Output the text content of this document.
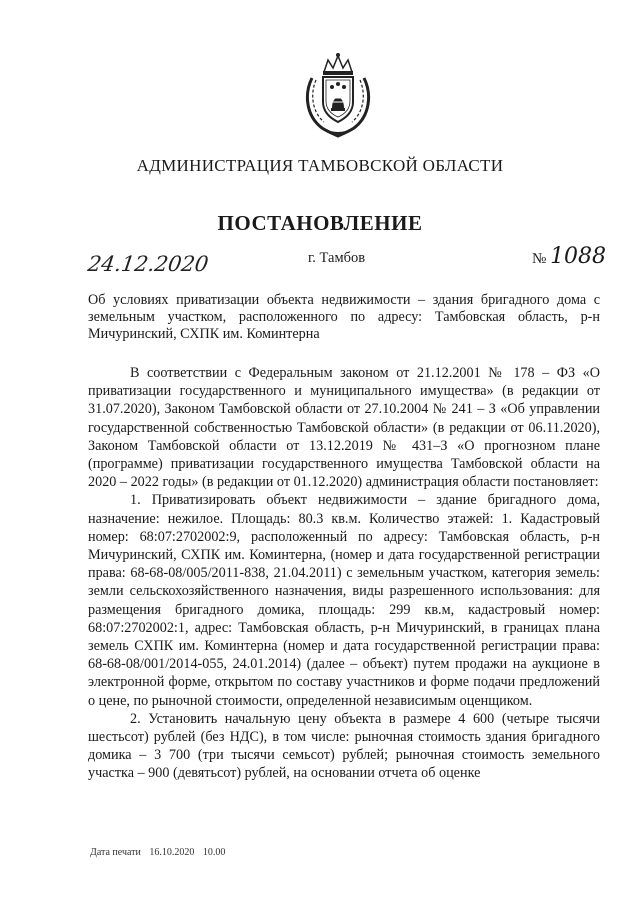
АДМИНИСТРАЦИЯ ТАМБОВСКОЙ ОБЛАСТИ
ПОСТАНОВЛЕНИЕ
24.12.2020	г. Тамбов	№ 1088
Об условиях приватизации объекта недвижимости – здания бригадного дома с земельным участком, расположенного по адресу: Тамбовская область, р-н Мичуринский, СХПК им. Коминтерна

В соответствии с Федеральным законом от 21.12.2001 № 178 – ФЗ «О приватизации государственного и муниципального имущества» (в редакции от 31.07.2020), Законом Тамбовской области от 27.10.2004 № 241 – З «Об управлении государственной собственностью Тамбовской области» (в редакции от 06.11.2020), Законом Тамбовской области от 13.12.2019 № 431–З «О прогнозном плане (программе) приватизации государственного имущества Тамбовской области на 2020 – 2022 годы» (в редакции от 01.12.2020) администрация области постановляет:

1. Приватизировать объект недвижимости – здание бригадного дома, назначение: нежилое. Площадь: 80.3 кв.м. Количество этажей: 1. Кадастровый номер: 68:07:2702002:9, расположенный по адресу: Тамбовская область, р-н Мичуринский, СХПК им. Коминтерна, (номер и дата государственной регистрации права: 68-68-08/005/2011-838, 21.04.2011) с земельным участком, категория земель: земли сельскохозяйственного назначения, виды разрешенного использования: для размещения бригадного домика, площадь: 299 кв.м, кадастровый номер: 68:07:2702002:1, адрес: Тамбовская область, р-н Мичуринский, в границах плана земель СХПК им. Коминтерна (номер и дата государственной регистрации права: 68-68-08/001/2014-055, 24.01.2014) (далее – объект) путем продажи на аукционе в электронной форме, открытом по составу участников и форме подачи предложений о цене, по рыночной стоимости, определенной независимым оценщиком.

2. Установить начальную цену объекта в размере 4 600 (четыре тысячи шестьсот) рублей (без НДС), в том числе: рыночная стоимость здания бригадного домика – 3 700 (три тысячи семьсот) рублей; рыночная стоимость земельного участка – 900 (девятьсот) рублей, на основании отчета об оценке

Дата печати 16.10.2020 10.00
